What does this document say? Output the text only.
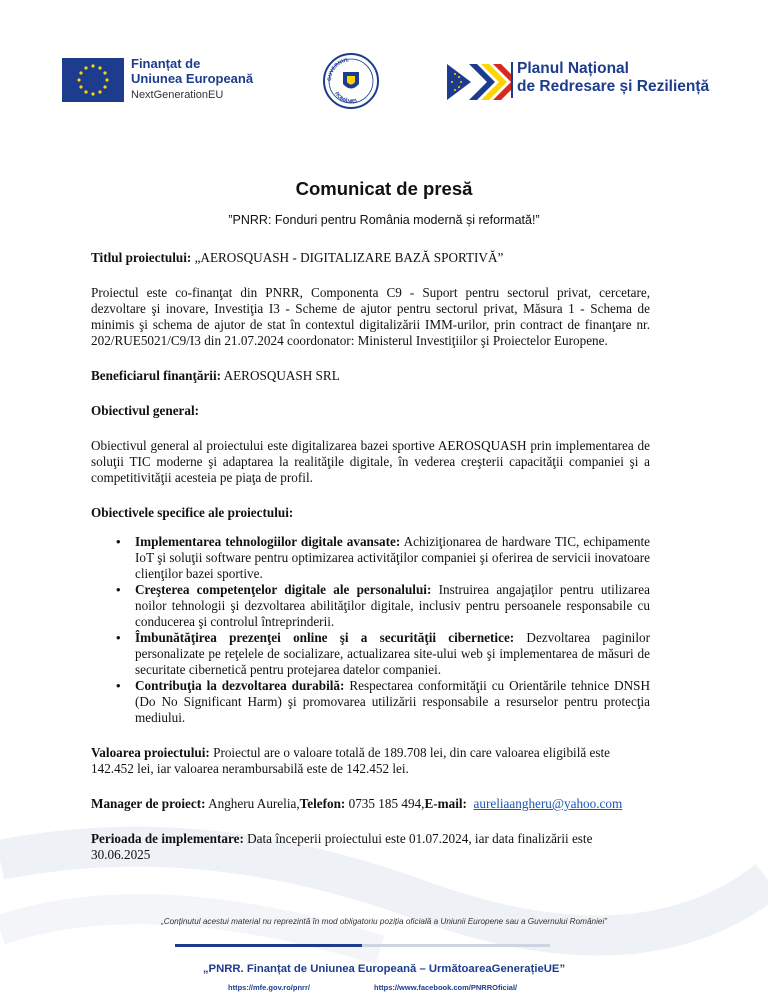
Finanțat de
Uniunea Europeană
NextGenerationEU
GUVERNUL
ROMÂNIEI
Planul Național
de Redresare și Reziliență
Comunicat de presă
”PNRR: Fonduri pentru România modernă și reformată!”

Titlul proiectului: „AEROSQUASH - DIGITALIZARE BAZĂ SPORTIVĂ”

Proiectul este co-finanţat din PNRR, Componenta C9 - Suport pentru sectorul privat, cercetare, dezvoltare şi inovare, Investiţia I3 - Scheme de ajutor pentru sectorul privat, Măsura 1 - Schema de minimis şi schema de ajutor de stat în contextul digitalizării IMM-urilor, prin contract de finanţare nr. 202/RUE5021/C9/I3 din 21.07.2024 coordonator: Ministerul Investiţiilor şi Proiectelor Europene.

Beneficiarul finanţării: AEROSQUASH SRL

Obiectivul general:

Obiectivul general al proiectului este digitalizarea bazei sportive AEROSQUASH prin implementarea de soluţii TIC moderne şi adaptarea la realităţile digitale, în vederea creşterii capacităţii companiei şi a competitivităţii acesteia pe piaţa de profil.

Obiectivele specifice ale proiectului:

• Implementarea tehnologiilor digitale avansate: Achiziţionarea de hardware TIC, echipamente IoT şi soluţii software pentru optimizarea activităţilor companiei şi oferirea de servicii inovatoare clienţilor bazei sportive.
• Creşterea competenţelor digitale ale personalului: Instruirea angajaţilor pentru utilizarea noilor tehnologii şi dezvoltarea abilităţilor digitale, inclusiv pentru persoanele responsabile cu conducerea şi controlul întreprinderii.
• Îmbunătăţirea prezenţei online şi a securităţii cibernetice: Dezvoltarea paginilor personalizate pe reţelele de socializare, actualizarea site-ului web şi implementarea de măsuri de securitate cibernetică pentru protejarea datelor companiei.
• Contribuţia la dezvoltarea durabilă: Respectarea conformităţii cu Orientările tehnice DNSH (Do No Significant Harm) şi promovarea utilizării responsabile a resurselor pentru protecţia mediului.

Valoarea proiectului: Proiectul are o valoare totală de 189.708 lei, din care valoarea eligibilă este 142.452 lei, iar valoarea nerambursabilă este de 142.452 lei.

Manager de proiect: Angheru Aurelia,Telefon: 0735 185 494,E-mail: aureliaangheru@yahoo.com

Perioada de implementare: Data începerii proiectului este 01.07.2024, iar data finalizării este 30.06.2025

„Conținutul acestui material nu reprezintă în mod obligatoriu poziția oficială a Uniunii Europene sau a Guvernului României”
„PNRR. Finanțat de Uniunea Europeană – UrmătoareaGenerațieUE”
https://mfe.gov.ro/pnrr/	https://www.facebook.com/PNRROficial/
